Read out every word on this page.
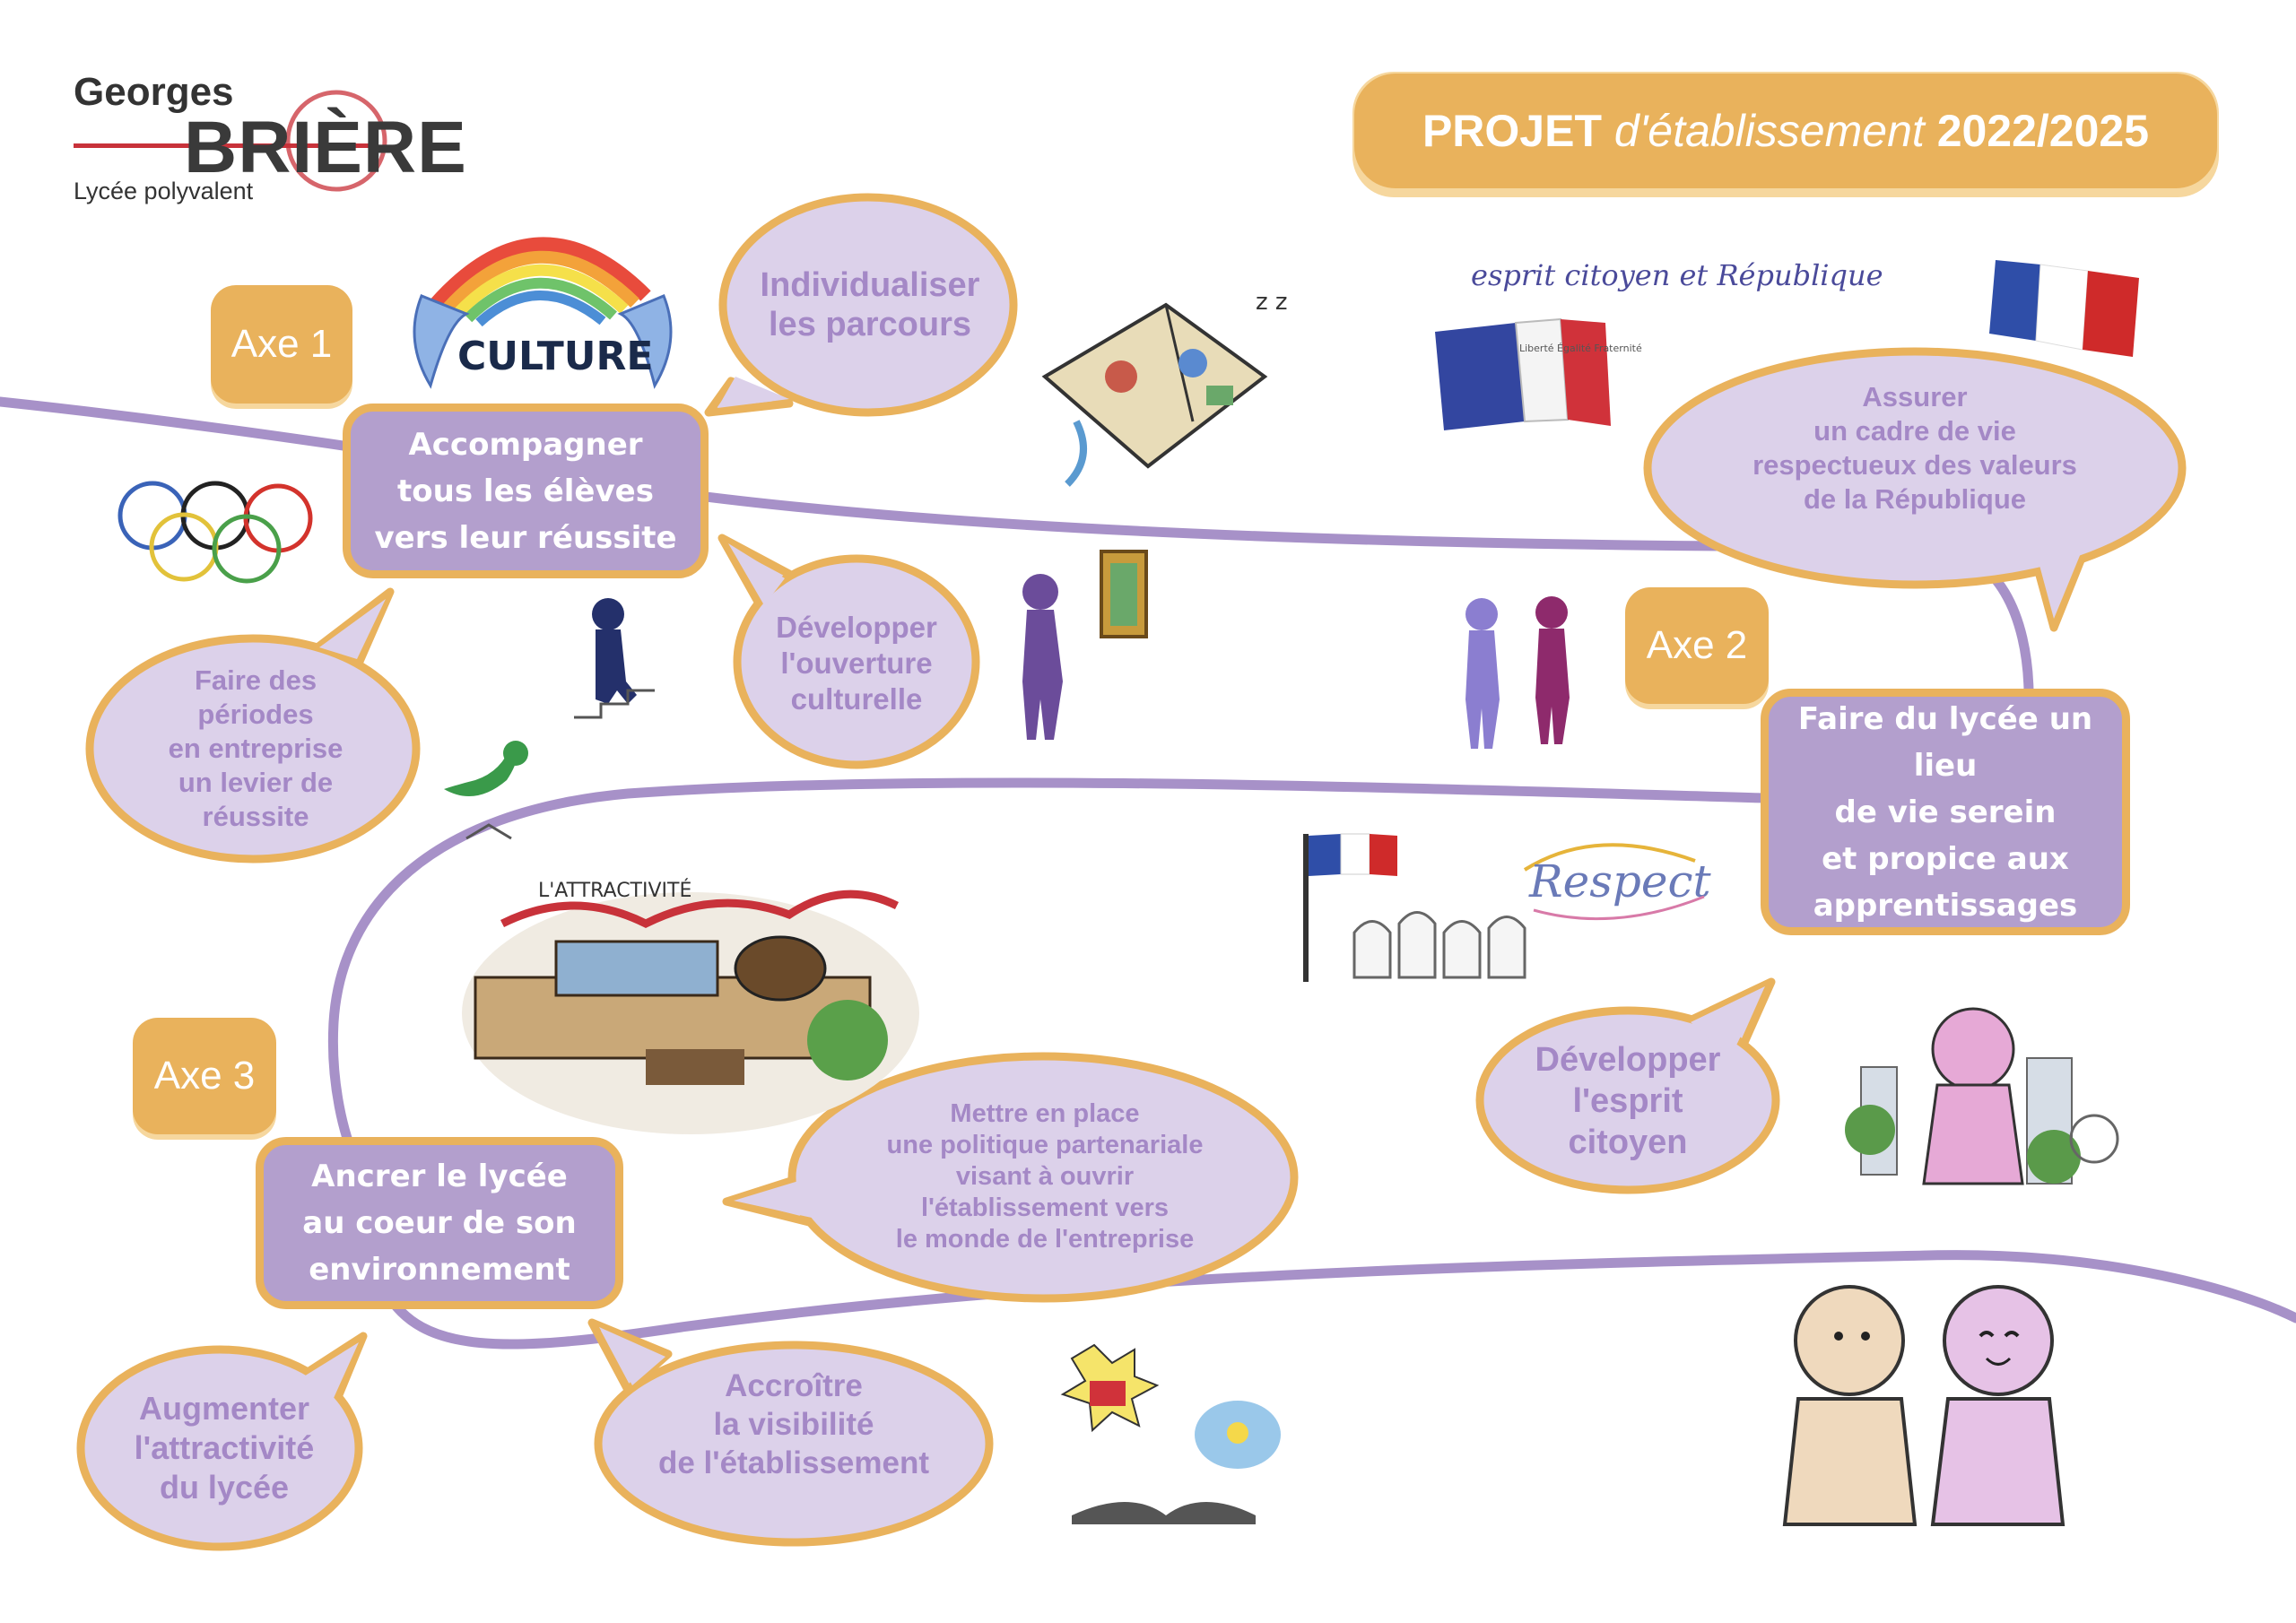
CULTURE
z z
esprit citoyen et République
Liberté Égalité Fraternité
Respect
L'ATTRACTIVITÉ
Georges
BRIÈRE
Lycée polyvalent
PROJET d'établissement 2022/2025
Axe 1
Axe 2
Axe 3
Accompagner
tous les élèves
vers leur réussite
Faire du lycée un lieu
de vie serein
et propice aux
apprentissages
Ancrer le lycée
au coeur de son
environnement
Individualiser
les parcours
Développer
l'ouverture
culturelle
Faire des
périodes
en entreprise
un levier de
réussite
Assurer
un cadre de vie
respectueux des valeurs
de la République
Développer
l'esprit
citoyen
Mettre en place
une politique partenariale
visant à ouvrir
l'établissement vers
le monde de l'entreprise
Augmenter
l'attractivité
du lycée
Accroître
la visibilité
de l'établissement
